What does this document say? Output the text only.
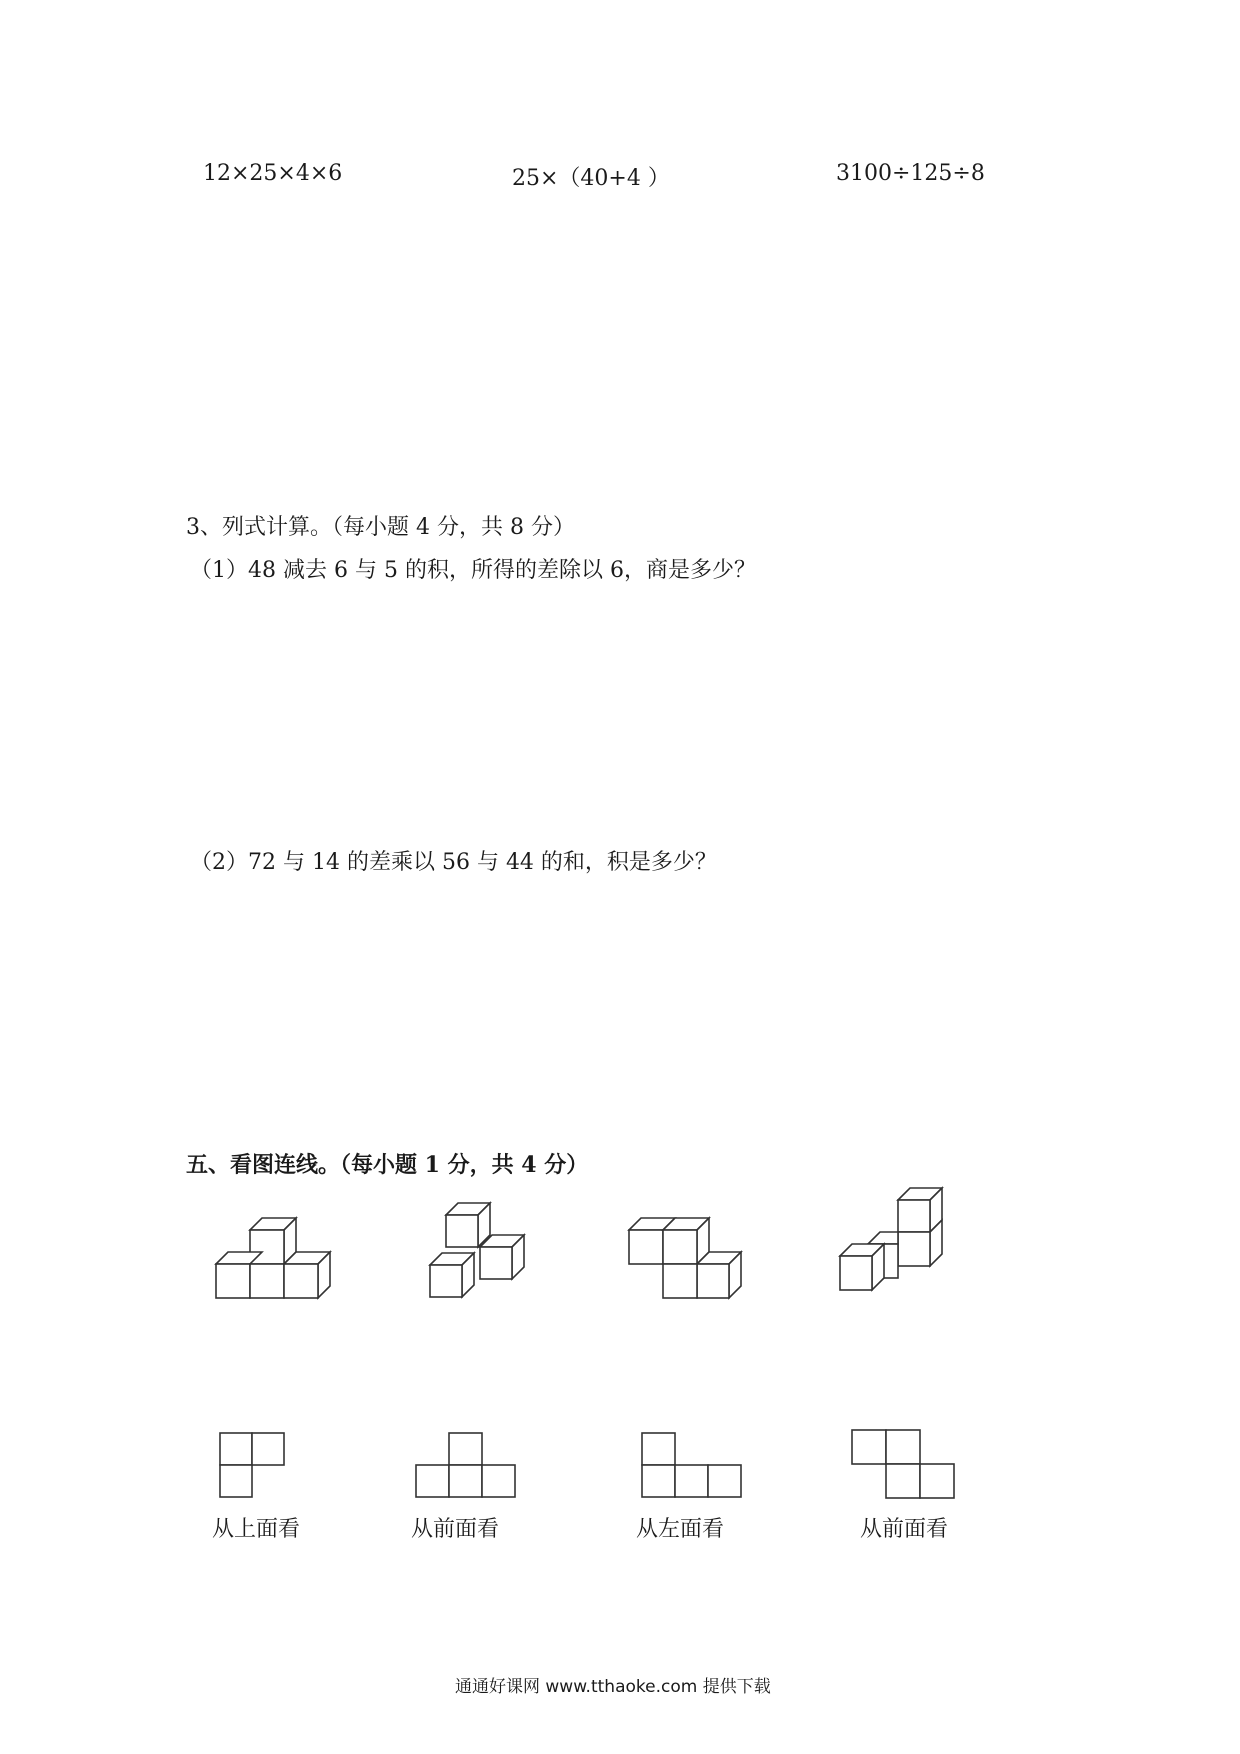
12×25×4×6	25×（40+4 ）	3100÷125÷8
3、列式计算。（每小题 4 分，共 8 分）
（1）48 减去 6 与 5 的积，所得的差除以 6，商是多少？
（2）72 与 14 的差乘以 56 与 44 的和，积是多少？
五、看图连线。（每小题 1 分，共 4 分）
从上面看	从前面看	从左面看	从前面看
通通好课网 www.tthaoke.com 提供下载
